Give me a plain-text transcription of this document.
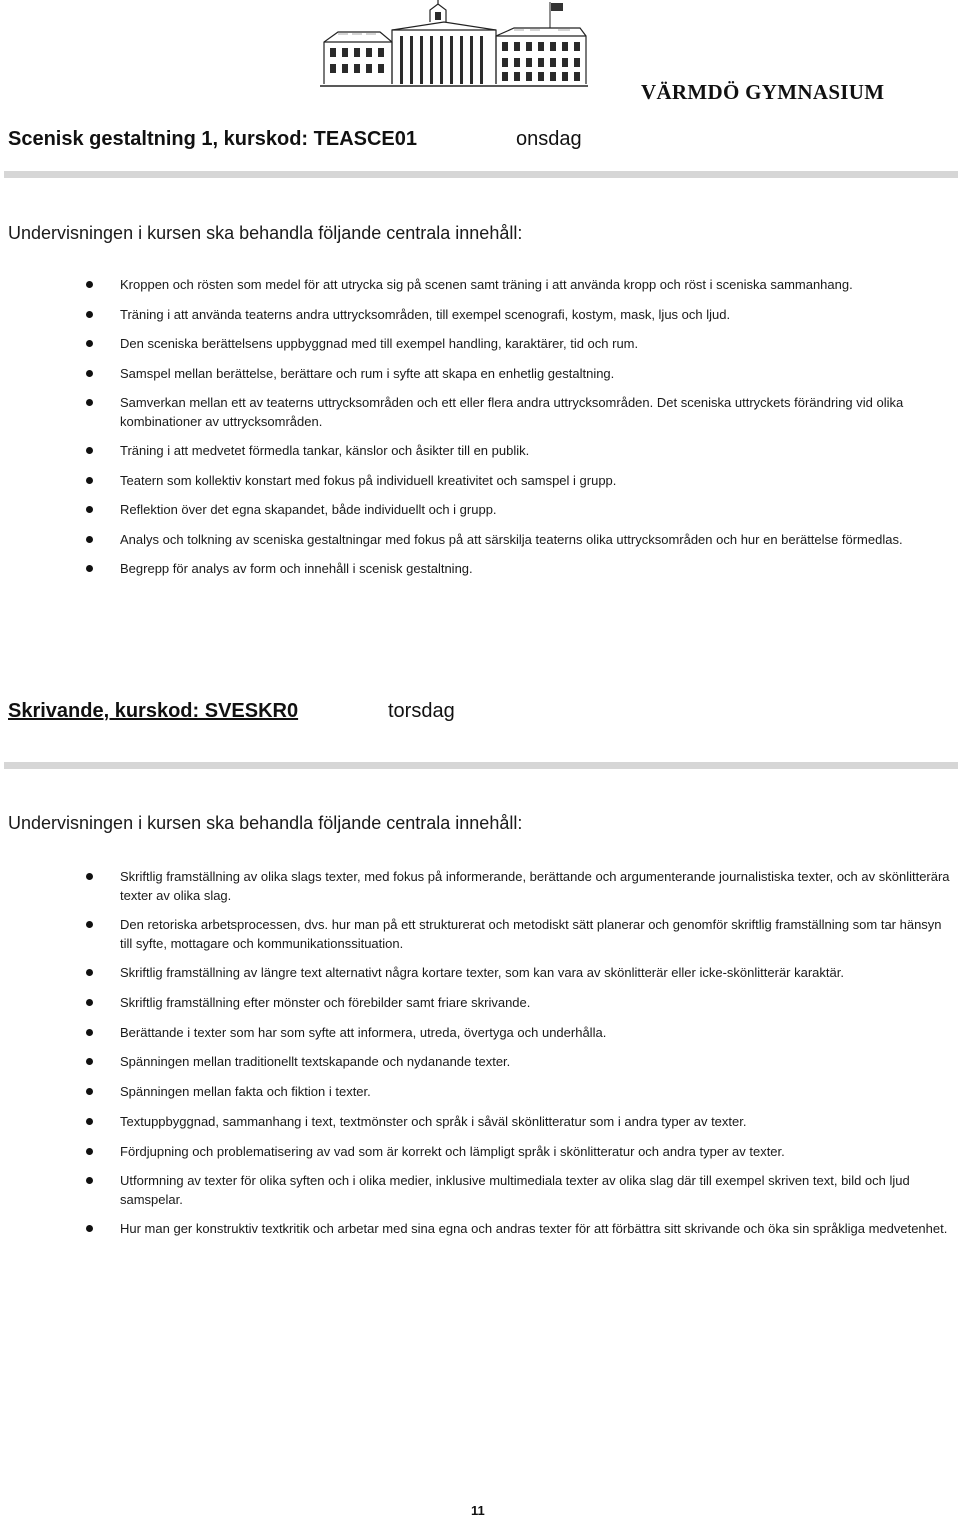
VÄRMDÖ GYMNASIUM
Scenisk gestaltning 1, kurskod: TEASCE01	onsdag
Undervisningen i kursen ska behandla följande centrala innehåll:
Kroppen och rösten som medel för att utrycka sig på scenen samt träning i att använda kropp och röst i sceniska sammanhang.
Träning i att använda teaterns andra uttrycksområden, till exempel scenografi, kostym, mask, ljus och ljud.
Den sceniska berättelsens uppbyggnad med till exempel handling, karaktärer, tid och rum.
Samspel mellan berättelse, berättare och rum i syfte att skapa en enhetlig gestaltning.
Samverkan mellan ett av teaterns uttrycksområden och ett eller flera andra uttrycksområden. Det sceniska uttryckets förändring vid olika kombinationer av uttrycksområden.
Träning i att medvetet förmedla tankar, känslor och åsikter till en publik.
Teatern som kollektiv konstart med fokus på individuell kreativitet och samspel i grupp.
Reflektion över det egna skapandet, både individuellt och i grupp.
Analys och tolkning av sceniska gestaltningar med fokus på att särskilja teaterns olika uttrycksområden och hur en berättelse förmedlas.
Begrepp för analys av form och innehåll i scenisk gestaltning.
Skrivande, kurskod: SVESKR0	torsdag
Undervisningen i kursen ska behandla följande centrala innehåll:
Skriftlig framställning av olika slags texter, med fokus på informerande, berättande och argumenterande journalistiska texter, och av skönlitterära texter av olika slag.
Den retoriska arbetsprocessen, dvs. hur man på ett strukturerat och metodiskt sätt planerar och genomför skriftlig framställning som tar hänsyn till syfte, mottagare och kommunikationssituation.
Skriftlig framställning av längre text alternativt några kortare texter, som kan vara av skönlitterär eller icke-skönlitterär karaktär.
Skriftlig framställning efter mönster och förebilder samt friare skrivande.
Berättande i texter som har som syfte att informera, utreda, övertyga och underhålla.
Spänningen mellan traditionellt textskapande och nydanande texter.
Spänningen mellan fakta och fiktion i texter.
Textuppbyggnad, sammanhang i text, textmönster och språk i såväl skönlitteratur som i andra typer av texter.
Fördjupning och problematisering av vad som är korrekt och lämpligt språk i skönlitteratur och andra typer av texter.
Utformning av texter för olika syften och i olika medier, inklusive multimediala texter av olika slag där till exempel skriven text, bild och ljud samspelar.
Hur man ger konstruktiv textkritik och arbetar med sina egna och andras texter för att förbättra sitt skrivande och öka sin språkliga medvetenhet.
11
